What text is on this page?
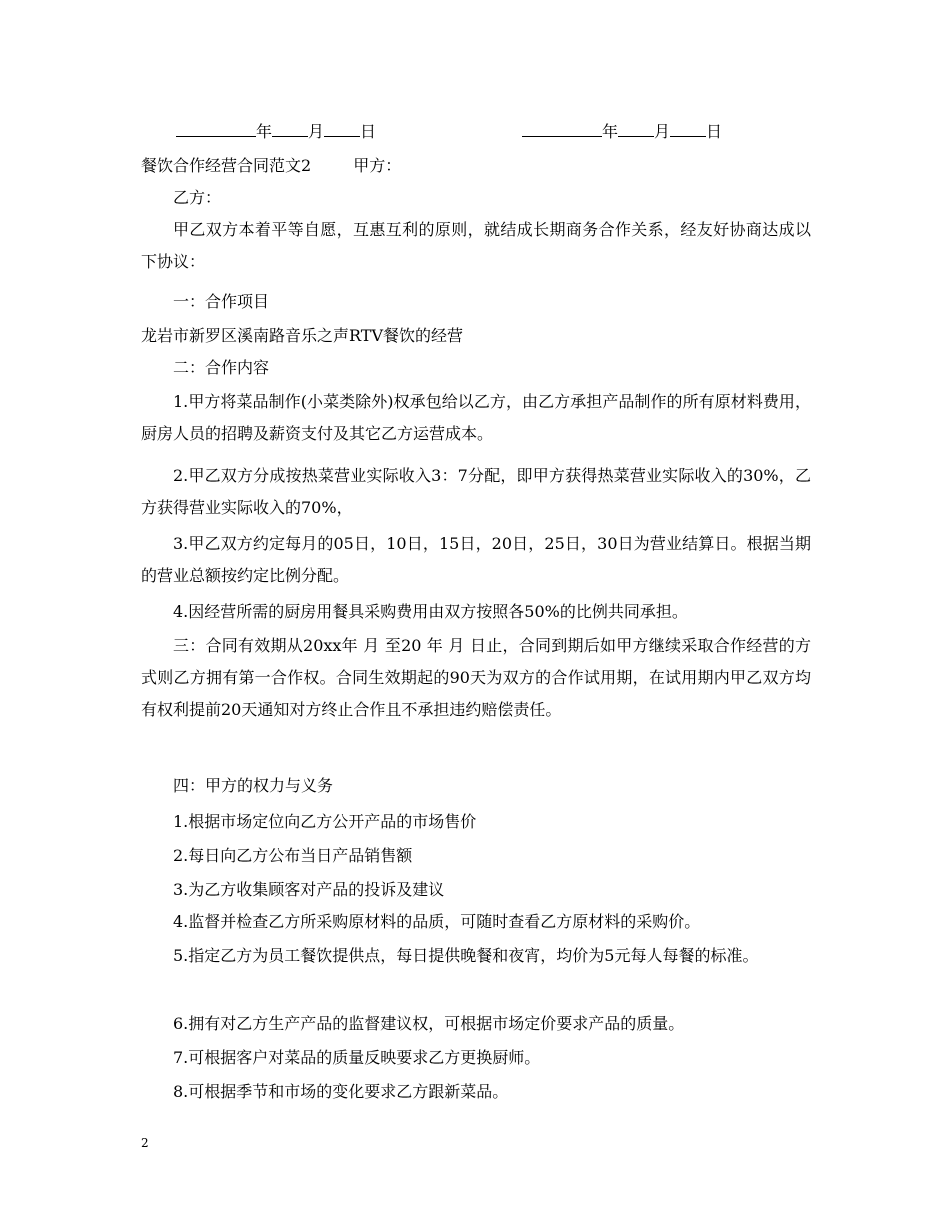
年 月 日	年 月 日

餐饮合作经营合同范文2	甲方：

乙方：

甲乙双方本着平等自愿，互惠互利的原则，就结成长期商务合作关系，经友好协商达成以下协议：

一：合作项目

龙岩市新罗区溪南路音乐之声RTV餐饮的经营

二：合作内容

1.甲方将菜品制作(小菜类除外)权承包给以乙方，由乙方承担产品制作的所有原材料费用，厨房人员的招聘及薪资支付及其它乙方运营成本。

2.甲乙双方分成按热菜营业实际收入3：7分配，即甲方获得热菜营业实际收入的30%，乙方获得营业实际收入的70%，

3.甲乙双方约定每月的05日，10日，15日，20日，25日，30日为营业结算日。根据当期的营业总额按约定比例分配。

4.因经营所需的厨房用餐具采购费用由双方按照各50%的比例共同承担。

三：合同有效期从20xx年 月 至20 年 月 日止，合同到期后如甲方继续采取合作经营的方式则乙方拥有第一合作权。合同生效期起的90天为双方的合作试用期，在试用期内甲乙双方均有权利提前20天通知对方终止合作且不承担违约赔偿责任。

四：甲方的权力与义务

1.根据市场定位向乙方公开产品的市场售价

2.每日向乙方公布当日产品销售额

3.为乙方收集顾客对产品的投诉及建议

4.监督并检查乙方所采购原材料的品质，可随时查看乙方原材料的采购价。

5.指定乙方为员工餐饮提供点，每日提供晚餐和夜宵，均价为5元每人每餐的标准。

6.拥有对乙方生产产品的监督建议权，可根据市场定价要求产品的质量。

7.可根据客户对菜品的质量反映要求乙方更换厨师。

8.可根据季节和市场的变化要求乙方跟新菜品。

2
